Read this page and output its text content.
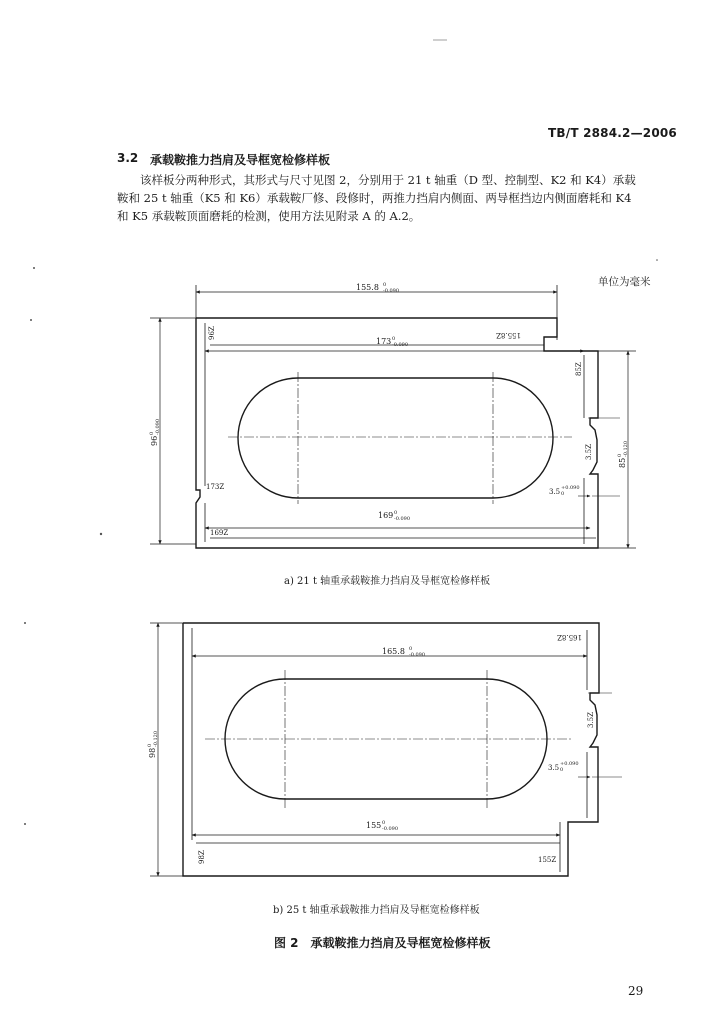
TB/T 2884.2—2006
3.2 承载鞍推力挡肩及导框宽检修样板
该样板分两种形式，其形式与尺寸见图 2，分别用于 21 t 轴重（D 型、控制型、K2 和 K4）承载
鞍和 25 t 轴重（K5 和 K6）承载鞍厂修、段修时，两推力挡肩内侧面、两导框挡边内侧面磨耗和 K4
和 K5 承载鞍顶面磨耗的检测，使用方法见附录 A 的 A.2。
单位为毫米
155.8 0
-0.090
173 0
-0.090
169 0
-0.090
96
0 -0.090
85
0 -0.120
3.5 +0.090
0
96Z	155.8Z
85Z
3.5Z
173Z
169Z
165.8 0
-0.090
155 0
-0.090
98
0 -0.120
3.5 +0.090
0
165.8Z
3.5Z
98Z	155Z
a) 21 t 轴重承载鞍推力挡肩及导框宽检修样板
b) 25 t 轴重承载鞍推力挡肩及导框宽检修样板
图 2　承载鞍推力挡肩及导框宽检修样板
29
